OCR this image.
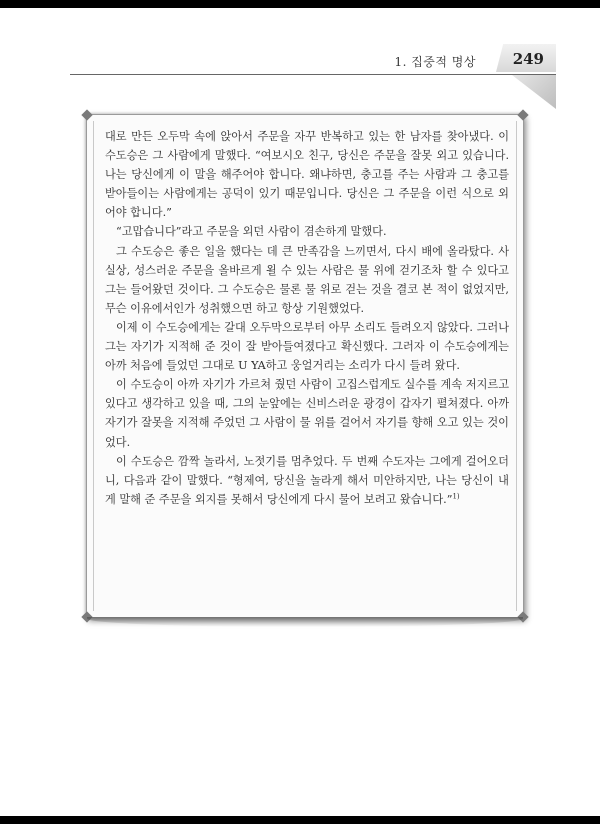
1. 집중적 명상 249

대로 만든 오두막 속에 앉아서 주문을 자꾸 반복하고 있는 한 남자를 찾아냈다. 이 수도승은 그 사람에게 말했다. “여보시오 친구, 당신은 주문을 잘못 외고 있습니다. 나는 당신에게 이 말을 해주어야 합니다. 왜냐하면, 충고를 주는 사람과 그 충고를 받아들이는 사람에게는 공덕이 있기 때문입니다. 당신은 그 주문을 이런 식으로 외어야 합니다.”

“고맙습니다”라고 주문을 외던 사람이 겸손하게 말했다.

그 수도승은 좋은 일을 했다는 데 큰 만족감을 느끼면서, 다시 배에 올라탔다. 사실상, 성스러운 주문을 올바르게 욀 수 있는 사람은 물 위에 걷기조차 할 수 있다고 그는 들어왔던 것이다. 그 수도승은 물론 물 위로 걷는 것을 결코 본 적이 없었지만, 무슨 이유에서인가 성취했으면 하고 항상 기원했었다.

이제 이 수도승에게는 갈대 오두막으로부터 아무 소리도 들려오지 않았다. 그러나 그는 자기가 지적해 준 것이 잘 받아들여졌다고 확신했다. 그러자 이 수도승에게는 아까 처음에 들었던 그대로 U YA하고 웅얼거리는 소리가 다시 들려 왔다.

이 수도승이 아까 자기가 가르쳐 줬던 사람이 고집스럽게도 실수를 계속 저지르고 있다고 생각하고 있을 때, 그의 눈앞에는 신비스러운 광경이 갑자기 펼쳐졌다. 아까 자기가 잘못을 지적해 주었던 그 사람이 물 위를 걸어서 자기를 향해 오고 있는 것이었다.

이 수도승은 깜짝 놀라서, 노젓기를 멈추었다. 두 번째 수도자는 그에게 걸어오더니, 다음과 같이 말했다. “형제여, 당신을 놀라게 해서 미안하지만, 나는 당신이 내게 말해 준 주문을 외지를 못해서 당신에게 다시 물어 보려고 왔습니다.”$^{1)}$
